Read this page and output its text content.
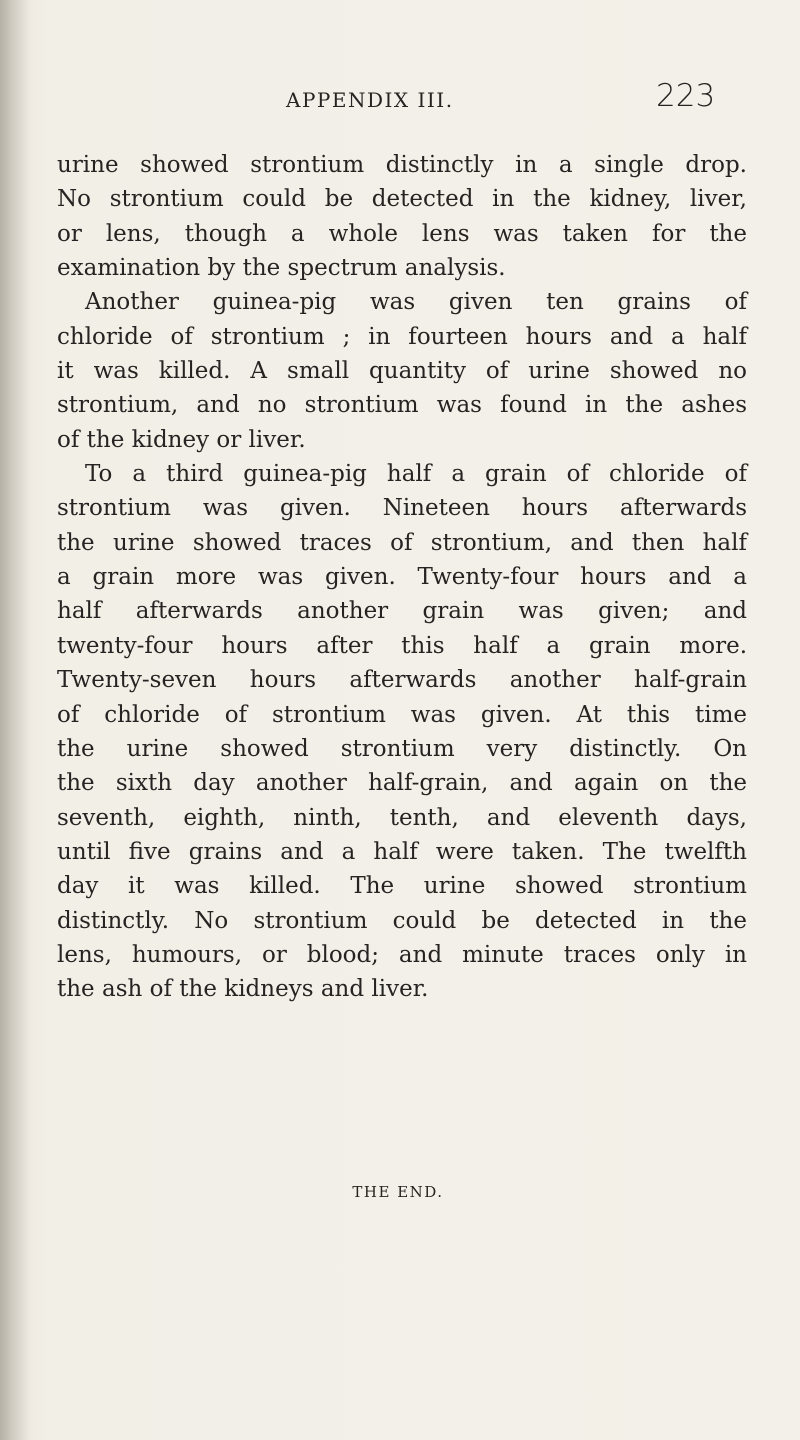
APPENDIX III.	223
urine showed strontium distinctly in a single drop.
No strontium could be detected in the kidney, liver,
or lens, though a whole lens was taken for the
examination by the spectrum analysis.
Another guinea-pig was given ten grains of
chloride of strontium ; in fourteen hours and a half
it was killed. A small quantity of urine showed no
strontium, and no strontium was found in the ashes
of the kidney or liver.
To a third guinea-pig half a grain of chloride of
strontium was given. Nineteen hours afterwards
the urine showed traces of strontium, and then half
a grain more was given. Twenty-four hours and a
half afterwards another grain was given; and
twenty-four hours after this half a grain more.
Twenty-seven hours afterwards another half-grain
of chloride of strontium was given. At this time
the urine showed strontium very distinctly. On
the sixth day another half-grain, and again on the
seventh, eighth, ninth, tenth, and eleventh days,
until five grains and a half were taken. The twelfth
day it was killed. The urine showed strontium
distinctly. No strontium could be detected in the
lens, humours, or blood; and minute traces only in
the ash of the kidneys and liver.
THE END.
